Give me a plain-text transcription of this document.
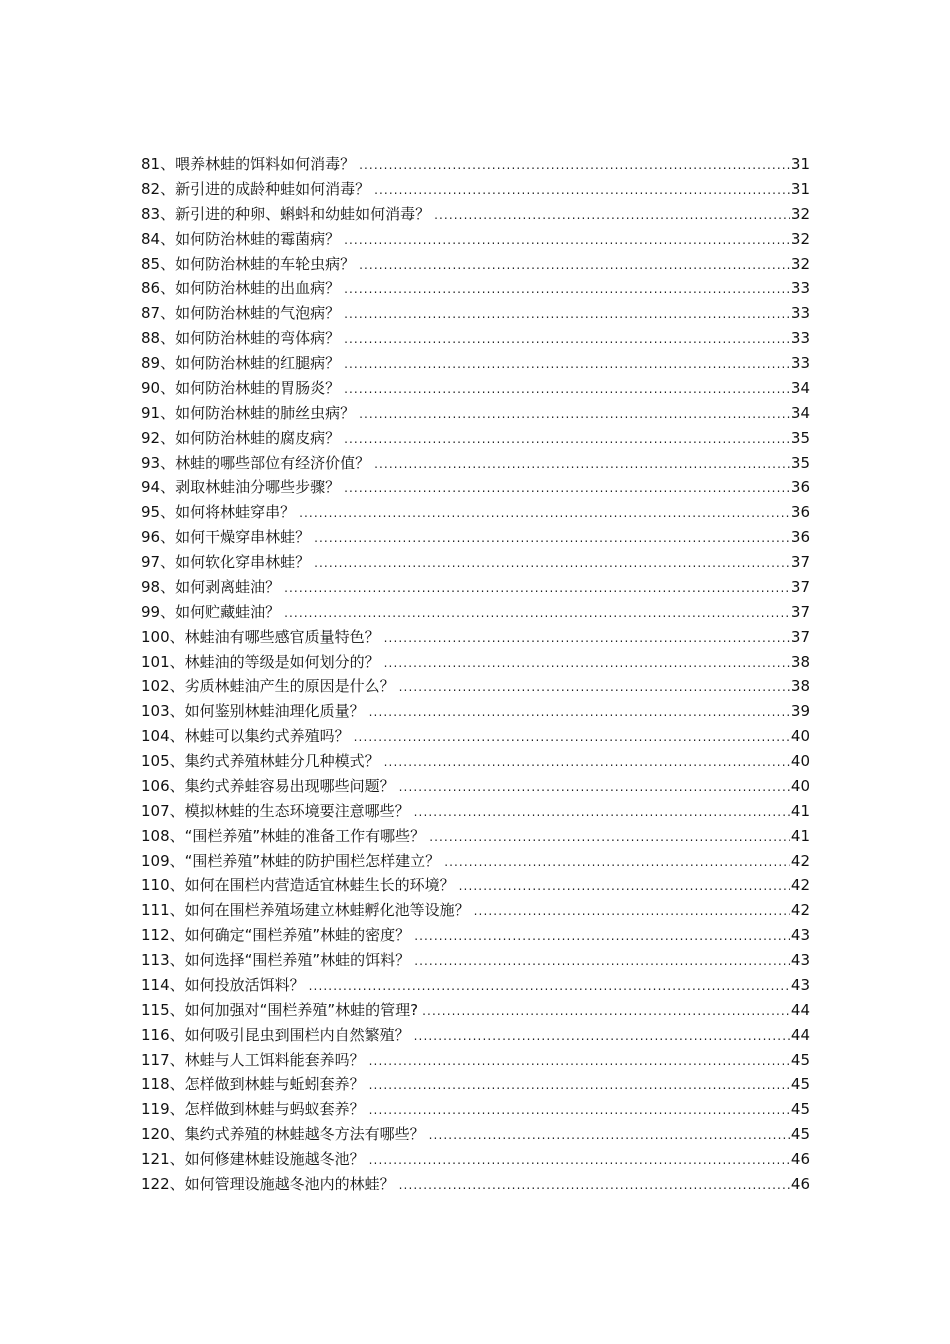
81、喂养林蛙的饵料如何消毒？ .....	31
82、新引进的成龄种蛙如何消毒？ .....	31
83、新引进的种卵、蝌蚪和幼蛙如何消毒？ .....	32
84、如何防治林蛙的霉菌病？ .....	32
85、如何防治林蛙的车轮虫病？ .....	32
86、如何防治林蛙的出血病？ .....	33
87、如何防治林蛙的气泡病？ .....	33
88、如何防治林蛙的弯体病？ .....	33
89、如何防治林蛙的红腿病？ .....	33
90、如何防治林蛙的胃肠炎？ .....	34
91、如何防治林蛙的肺丝虫病？ .....	34
92、如何防治林蛙的腐皮病？ .....	35
93、林蛙的哪些部位有经济价值？ .....	35
94、剥取林蛙油分哪些步骤？ .....	36
95、如何将林蛙穿串？ .....	36
96、如何干燥穿串林蛙？ .....	36
97、如何软化穿串林蛙？ .....	37
98、如何剥离蛙油？ .....	37
99、如何贮藏蛙油？ .....	37
100、林蛙油有哪些感官质量特色？ .....	37
101、林蛙油的等级是如何划分的？ .....	38
102、劣质林蛙油产生的原因是什么？ .....	38
103、如何鉴别林蛙油理化质量？ .....	39
104、林蛙可以集约式养殖吗？ .....	40
105、集约式养殖林蛙分几种模式？ .....	40
106、集约式养蛙容易出现哪些问题？ .....	40
107、模拟林蛙的生态环境要注意哪些？ .....	41
108、“围栏养殖”林蛙的准备工作有哪些？ .....	41
109、“围栏养殖”林蛙的防护围栏怎样建立？ .....	42
110、如何在围栏内营造适宜林蛙生长的环境？ .....	42
111、如何在围栏养殖场建立林蛙孵化池等设施？ .....	42
112、如何确定“围栏养殖”林蛙的密度？ .....	43
113、如何选择“围栏养殖”林蛙的饵料？ .....	43
114、如何投放活饵料？ .....	43
115、如何加强对“围栏养殖”林蛙的管理? .....	44
116、如何吸引昆虫到围栏内自然繁殖？ .....	44
117、林蛙与人工饵料能套养吗？ .....	45
118、怎样做到林蛙与蚯蚓套养？ .....	45
119、怎样做到林蛙与蚂蚁套养？ .....	45
120、集约式养殖的林蛙越冬方法有哪些？ .....	45
121、如何修建林蛙设施越冬池？ .....	46
122、如何管理设施越冬池内的林蛙？ .....	46
